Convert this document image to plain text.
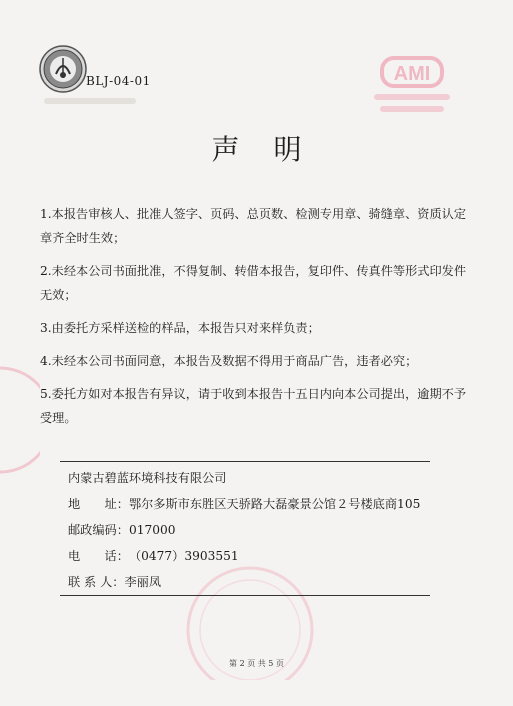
BLJ-04-01	AMI
声明

1.本报告审核人、批准人签字、页码、总页数、检测专用章、骑缝章、资质认定章齐全时生效；

2.未经本公司书面批准，不得复制、转借本报告，复印件、传真件等形式印发件无效；

3.由委托方采样送检的样品，本报告只对来样负责；

4.未经本公司书面同意，本报告及数据不得用于商品广告，违者必究；

5.委托方如对本报告有异议，请于收到本报告十五日内向本公司提出，逾期不予受理。

内蒙古碧蓝环境科技有限公司
地　　址：鄂尔多斯市东胜区天骄路大磊豪景公馆２号楼底商105
邮政编码：017000
电　　话：（0477）3903551
联 系 人：李丽凤
第 2 页 共 5 页
